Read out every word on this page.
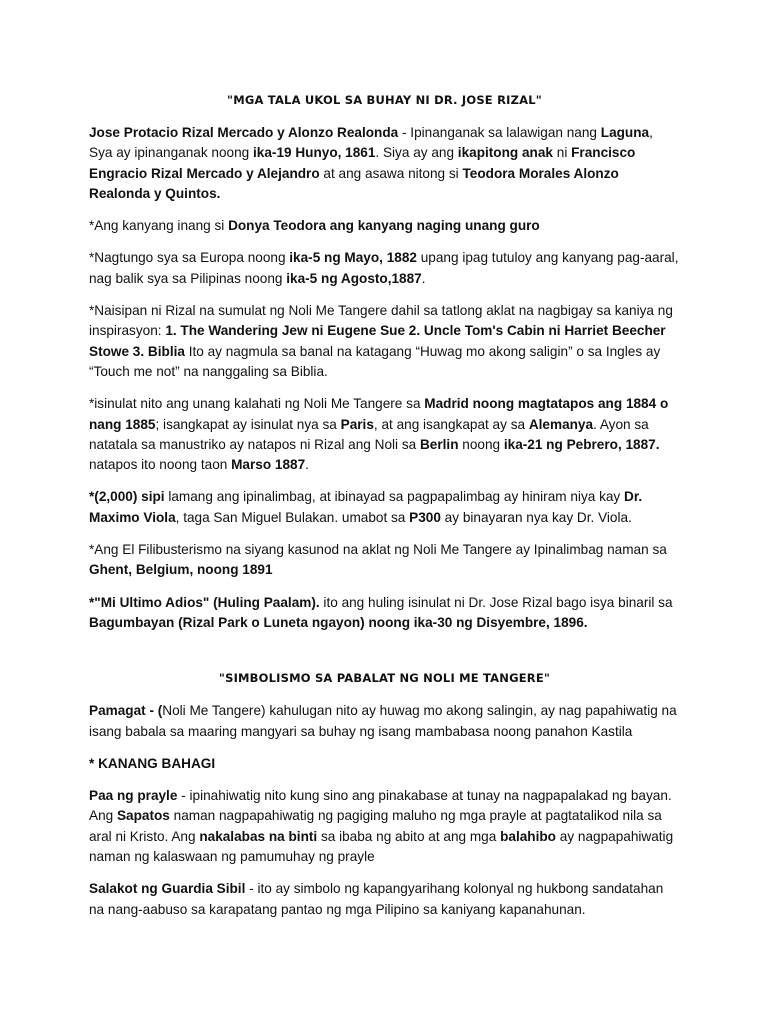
"MGA TALA UKOL SA BUHAY NI DR. JOSE RIZAL"

Jose Protacio Rizal Mercado y Alonzo Realonda - Ipinanganak sa lalawigan nang Laguna, Sya ay ipinanganak noong ika-19 Hunyo, 1861. Siya ay ang ikapitong anak ni Francisco Engracio Rizal Mercado y Alejandro at ang asawa nitong si Teodora Morales Alonzo Realonda y Quintos.

*Ang kanyang inang si Donya Teodora ang kanyang naging unang guro

*Nagtungo sya sa Europa noong ika-5 ng Mayo, 1882 upang ipag tutuloy ang kanyang pag-aaral, nag balik sya sa Pilipinas noong ika-5 ng Agosto,1887.

*Naisipan ni Rizal na sumulat ng Noli Me Tangere dahil sa tatlong aklat na nagbigay sa kaniya ng inspirasyon: 1. The Wandering Jew ni Eugene Sue 2. Uncle Tom's Cabin ni Harriet Beecher Stowe 3. Biblia Ito ay nagmula sa banal na katagang “Huwag mo akong saligin” o sa Ingles ay “Touch me not” na nanggaling sa Biblia.

*isinulat nito ang unang kalahati ng Noli Me Tangere sa Madrid noong magtatapos ang 1884 o nang 1885; isangkapat ay isinulat nya sa Paris, at ang isangkapat ay sa Alemanya. Ayon sa natatala sa manustriko ay natapos ni Rizal ang Noli sa Berlin noong ika-21 ng Pebrero, 1887. natapos ito noong taon Marso 1887.

*(2,000) sipi lamang ang ipinalimbag, at ibinayad sa pagpapalimbag ay hiniram niya kay Dr. Maximo Viola, taga San Miguel Bulakan. umabot sa P300 ay binayaran nya kay Dr. Viola.

*Ang El Filibusterismo na siyang kasunod na aklat ng Noli Me Tangere ay Ipinalimbag naman sa Ghent, Belgium, noong 1891

*"Mi Ultimo Adios" (Huling Paalam). ito ang huling isinulat ni Dr. Jose Rizal bago isya binaril sa Bagumbayan (Rizal Park o Luneta ngayon) noong ika-30 ng Disyembre, 1896.

"SIMBOLISMO SA PABALAT NG NOLI ME TANGERE"

Pamagat - (Noli Me Tangere) kahulugan nito ay huwag mo akong salingin, ay nag papahiwatig na isang babala sa maaring mangyari sa buhay ng isang mambabasa noong panahon Kastila

* KANANG BAHAGI

Paa ng prayle - ipinahiwatig nito kung sino ang pinakabase at tunay na nagpapalakad ng bayan. Ang Sapatos naman nagpapahiwatig ng pagiging maluho ng mga prayle at pagtatalikod nila sa aral ni Kristo. Ang nakalabas na binti sa ibaba ng abito at ang mga balahibo ay nagpapahiwatig naman ng kalaswaan ng pamumuhay ng prayle

Salakot ng Guardia Sibil - ito ay simbolo ng kapangyarihang kolonyal ng hukbong sandatahan na nang-aabuso sa karapatang pantao ng mga Pilipino sa kaniyang kapanahunan.
